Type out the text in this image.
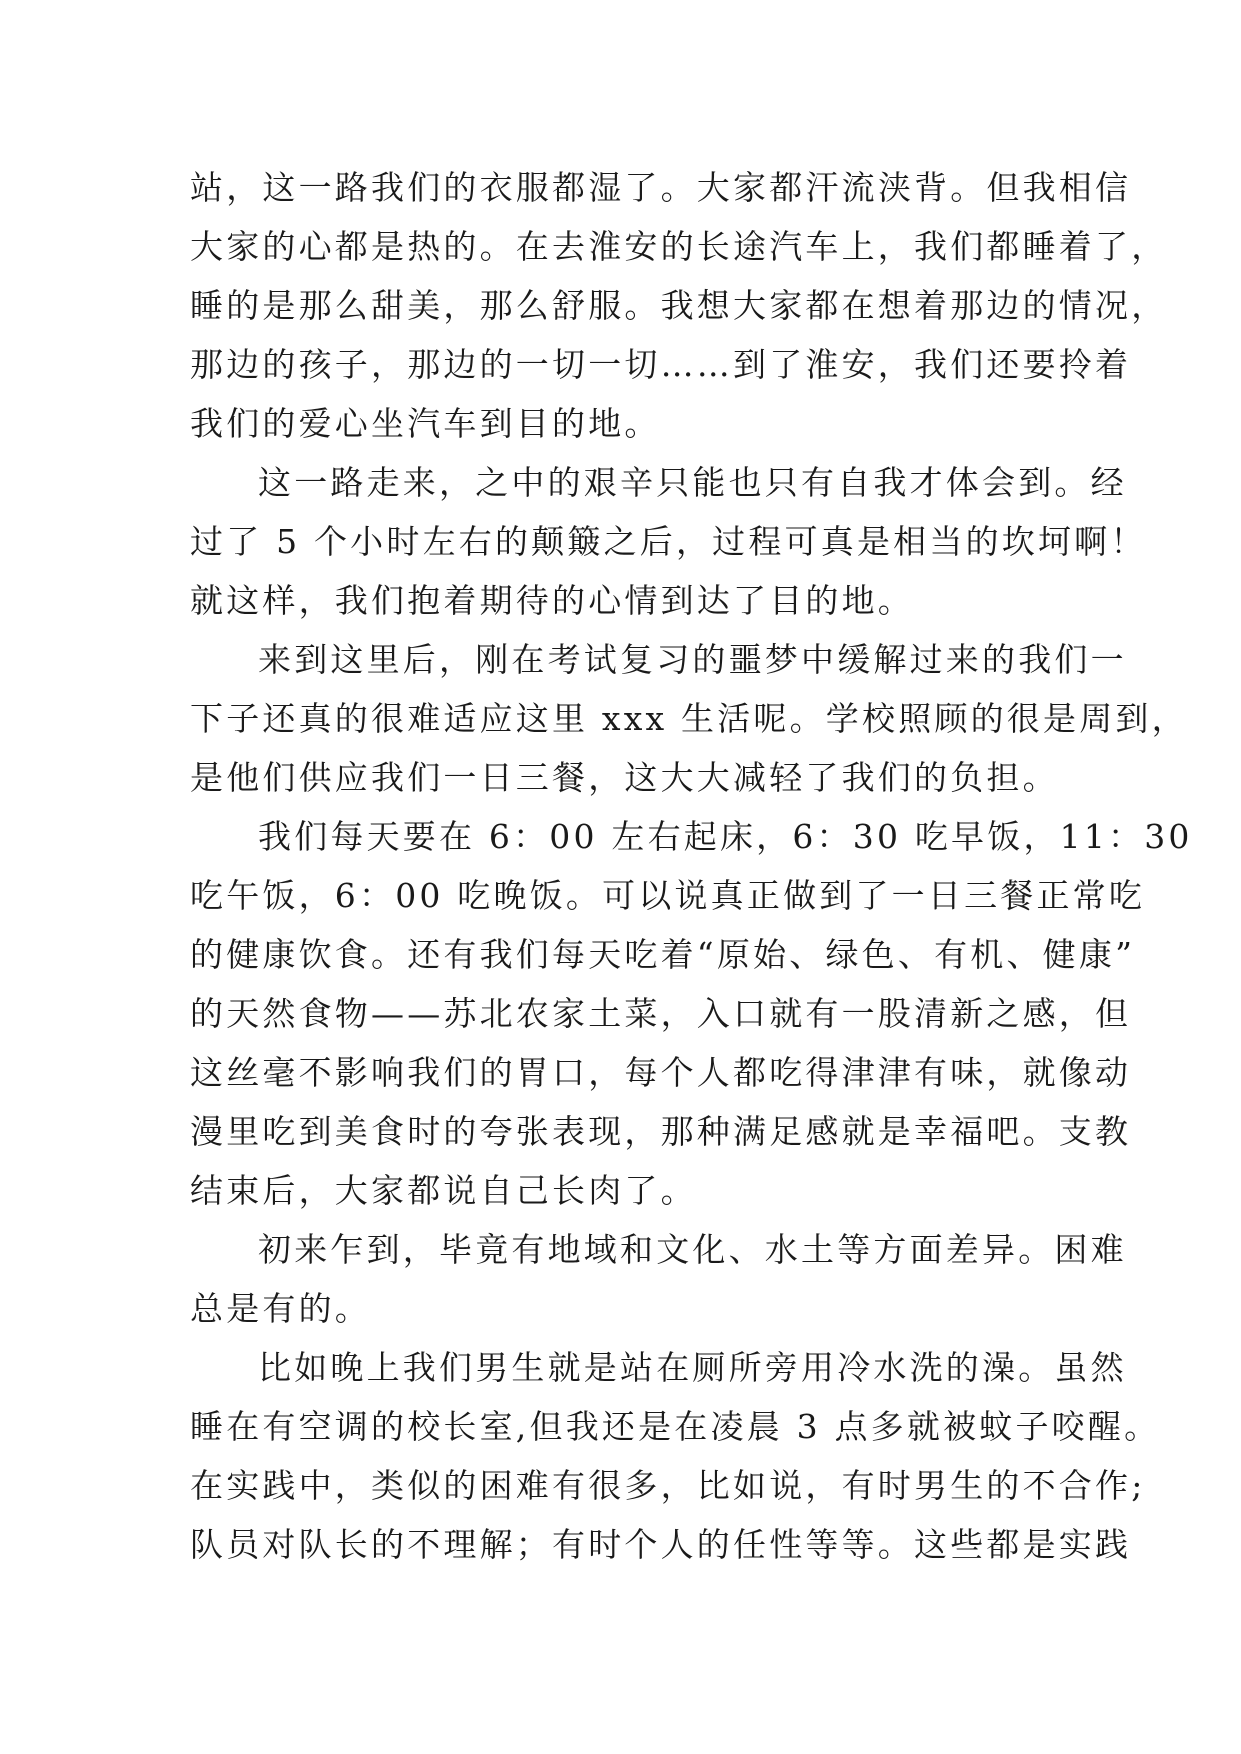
站，这一路我们的衣服都湿了。大家都汗流浃背。但我相信
大家的心都是热的。在去淮安的长途汽车上，我们都睡着了，
睡的是那么甜美，那么舒服。我想大家都在想着那边的情况，
那边的孩子，那边的一切一切……到了淮安，我们还要拎着
我们的爱心坐汽车到目的地。
这一路走来，之中的艰辛只能也只有自我才体会到。经
过了 5 个小时左右的颠簸之后，过程可真是相当的坎坷啊！
就这样，我们抱着期待的心情到达了目的地。
来到这里后，刚在考试复习的噩梦中缓解过来的我们一
下子还真的很难适应这里 xxx 生活呢。学校照顾的很是周到，
是他们供应我们一日三餐，这大大减轻了我们的负担。
我们每天要在 6：00 左右起床，6：30 吃早饭，11：30
吃午饭，6：00 吃晚饭。可以说真正做到了一日三餐正常吃
的健康饮食。还有我们每天吃着“原始、绿色、有机、健康”
的天然食物——苏北农家土菜，入口就有一股清新之感，但
这丝毫不影响我们的胃口，每个人都吃得津津有味，就像动
漫里吃到美食时的夸张表现，那种满足感就是幸福吧。支教
结束后，大家都说自己长肉了。
初来乍到，毕竟有地域和文化、水土等方面差异。困难
总是有的。
比如晚上我们男生就是站在厕所旁用冷水洗的澡。虽然
睡在有空调的校长室,但我还是在凌晨 3 点多就被蚊子咬醒。
在实践中，类似的困难有很多，比如说，有时男生的不合作;
队员对队长的不理解；有时个人的任性等等。这些都是实践
